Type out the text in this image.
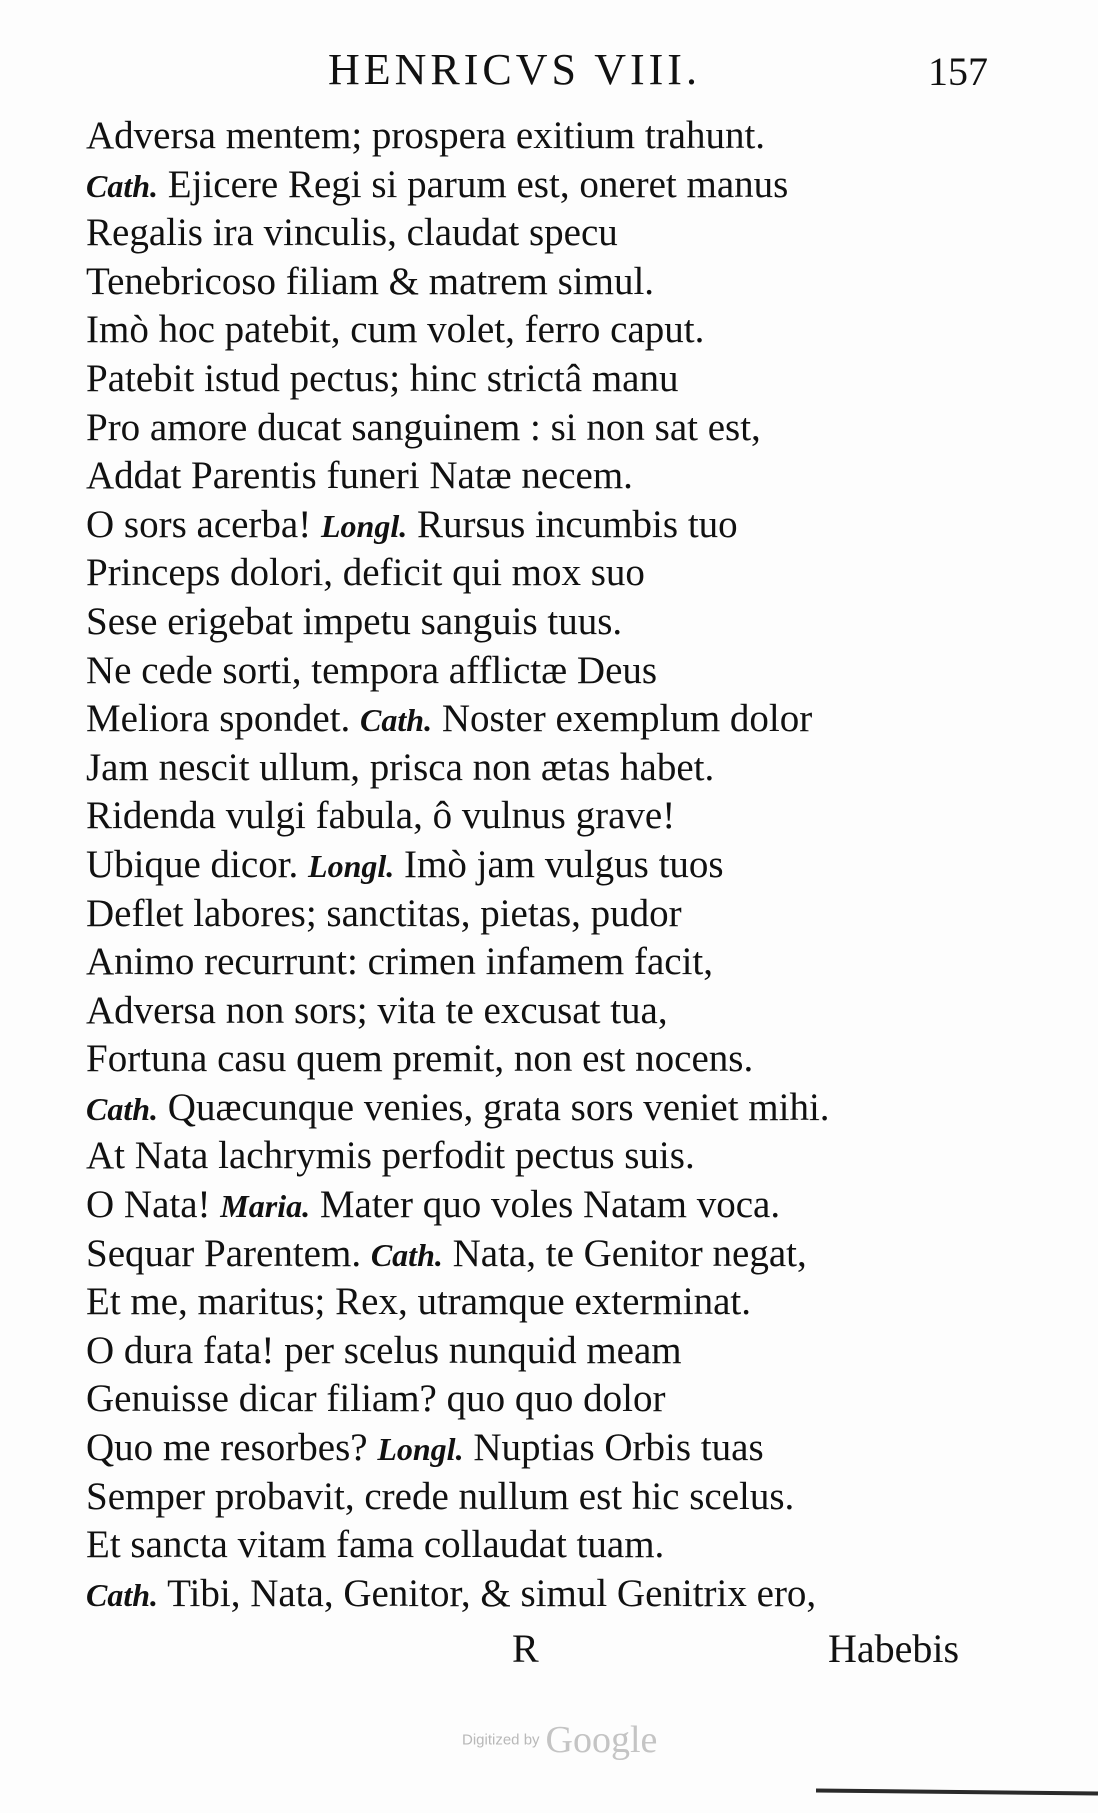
HENRICVS VIII.	157
Adversa mentem; prospera exitium trahunt.
Cath. Ejicere Regi si parum est, oneret manus
Regalis ira vinculis, claudat specu
Tenebricoso filiam & matrem simul.
Imò hoc patebit, cum volet, ferro caput.
Patebit istud pectus; hinc strictâ manu
Pro amore ducat sanguinem : si non sat est,
Addat Parentis funeri Natæ necem.
O sors acerba! Longl. Rursus incumbis tuo
Princeps dolori, deficit qui mox suo
Sese erigebat impetu sanguis tuus.
Ne cede sorti, tempora afflictæ Deus
Meliora spondet. Cath. Noster exemplum dolor
Jam nescit ullum, prisca non ætas habet.
Ridenda vulgi fabula, ô vulnus grave!
Ubique dicor. Longl. Imò jam vulgus tuos
Deflet labores; sanctitas, pietas, pudor
Animo recurrunt: crimen infamem facit,
Adversa non sors; vita te excusat tua,
Fortuna casu quem premit, non est nocens.
Cath. Quæcunque venies, grata sors veniet mihi.
At Nata lachrymis perfodit pectus suis.
O Nata! Maria. Mater quo voles Natam voca.
Sequar Parentem. Cath. Nata, te Genitor negat,
Et me, maritus; Rex, utramque exterminat.
O dura fata! per scelus nunquid meam
Genuisse dicar filiam? quo quo dolor
Quo me resorbes? Longl. Nuptias Orbis tuas
Semper probavit, crede nullum est hic scelus.
Et sancta vitam fama collaudat tuam.
Cath. Tibi, Nata, Genitor, & simul Genitrix ero,
R	Habebis
Digitized by Google
